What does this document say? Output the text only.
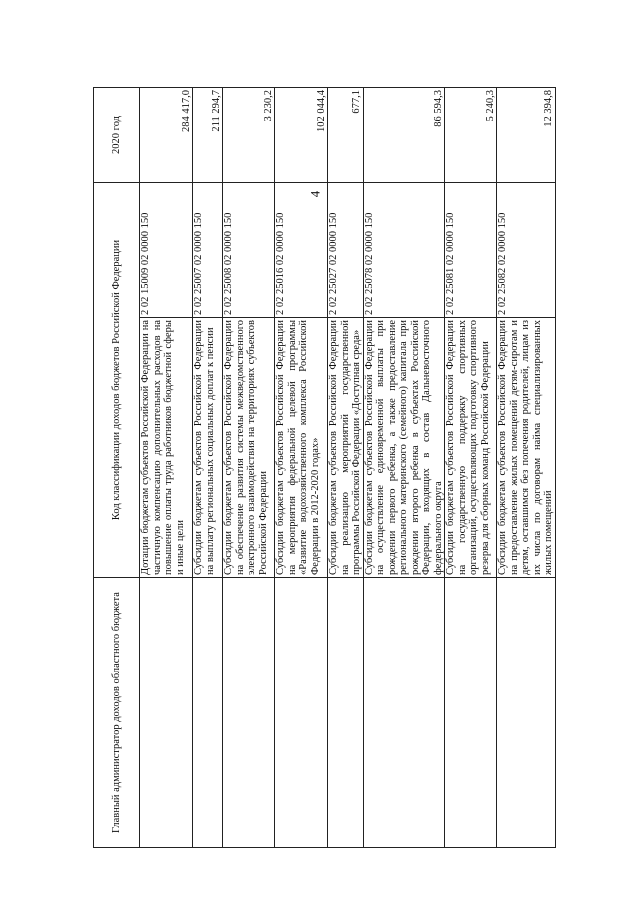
4
Главный администратор доходов областного бюджета	Код классификации доходов бюджетов Российской Федерации		2020 год
	Дотации бюджетам субъектов Российской Федерации на частичную компенсацию дополнительных расходов на повышение оплаты труда работников бюджетной сферы и иные цели	2 02 15009 02 0000 150	284 417,0
	Субсидии бюджетам субъектов Российской Федерации на выплату региональных социальных доплат к пенсии	2 02 25007 02 0000 150	211 294,7
	Субсидии бюджетам субъектов Российской Федерации на обеспечение развития системы межведомственного электронного взаимодействия на территориях субъектов Российской Федерации	2 02 25008 02 0000 150	3 230,2
	Субсидии бюджетам субъектов Российской Федерации на мероприятия федеральной целевой программы «Развитие водохозяйственного комплекса Российской Федерации в 2012-2020 годах»	2 02 25016 02 0000 150	102 044,4
	Субсидии бюджетам субъектов Российской Федерации на реализацию мероприятий государственной программы Российской Федерации «Доступная среда»	2 02 25027 02 0000 150	677,1
	Субсидии бюджетам субъектов Российской Федерации на осуществление единовременной выплаты при рождении первого ребенка, а также предоставление регионального материнского (семейного) капитала при рождении второго ребенка в субъектах Российской Федерации, входящих в состав Дальневосточного федерального округа	2 02 25078 02 0000 150	86 594,3
	Субсидии бюджетам субъектов Российской Федерации на государственную поддержку спортивных организаций, осуществляющих подготовку спортивного резерва для сборных команд Российской Федерации	2 02 25081 02 0000 150	5 240,3
	Субсидии бюджетам субъектов Российской Федерации на предоставление жилых помещений детям-сиротам и детям, оставшимся без попечения родителей, лицам из их числа по договорам найма специализированных жилых помещений	2 02 25082 02 0000 150	12 394,8
